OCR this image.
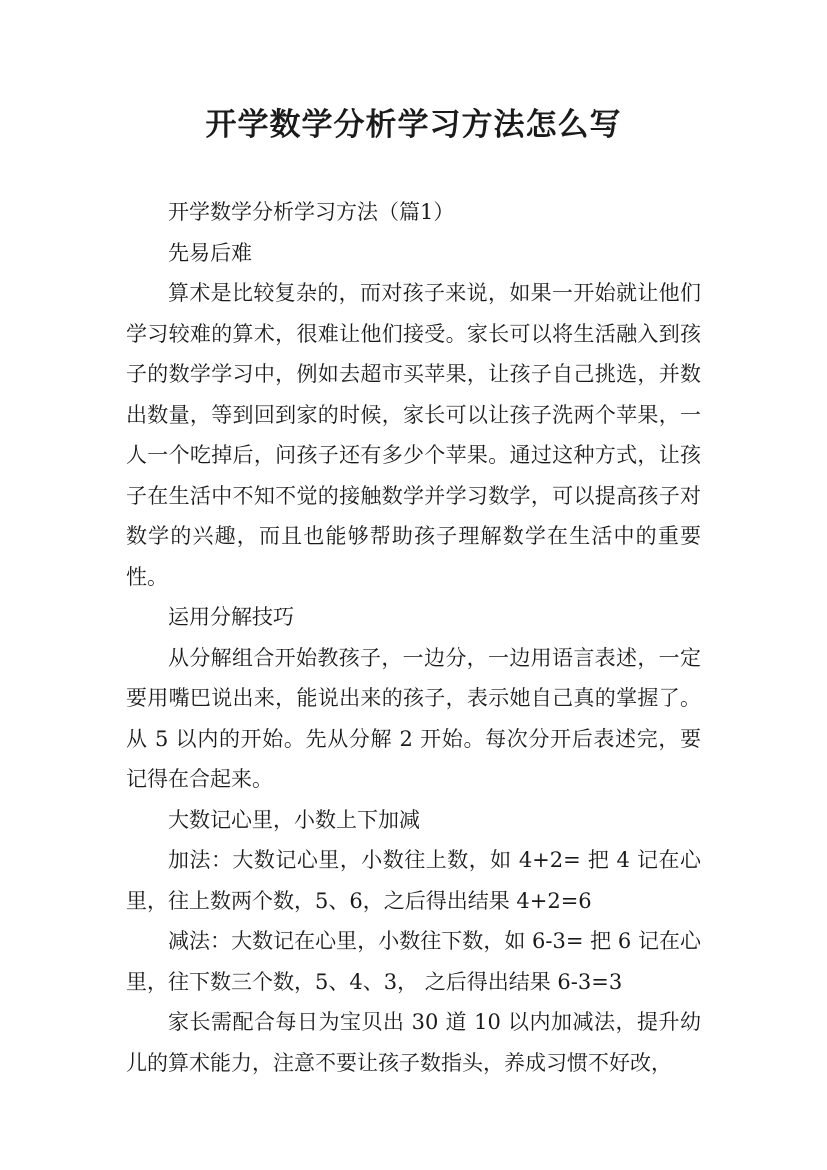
开学数学分析学习方法怎么写

开学数学分析学习方法（篇1）

先易后难

算术是比较复杂的，而对孩子来说，如果一开始就让他们学习较难的算术，很难让他们接受。家长可以将生活融入到孩子的数学学习中，例如去超市买苹果，让孩子自己挑选，并数出数量，等到回到家的时候，家长可以让孩子洗两个苹果，一人一个吃掉后，问孩子还有多少个苹果。通过这种方式，让孩子在生活中不知不觉的接触数学并学习数学，可以提高孩子对数学的兴趣，而且也能够帮助孩子理解数学在生活中的重要性。

运用分解技巧

从分解组合开始教孩子，一边分，一边用语言表述，一定要用嘴巴说出来，能说出来的孩子，表示她自己真的掌握了。从 5 以内的开始。先从分解 2 开始。每次分开后表述完，要记得在合起来。

大数记心里，小数上下加减

加法：大数记心里，小数往上数，如 4+2= 把 4 记在心里，往上数两个数，5、6，之后得出结果 4+2=6

减法：大数记在心里，小数往下数，如 6-3= 把 6 记在心里，往下数三个数，5、4、3， 之后得出结果 6-3=3

家长需配合每日为宝贝出 30 道 10 以内加减法，提升幼儿的算术能力，注意不要让孩子数指头，养成习惯不好改，
